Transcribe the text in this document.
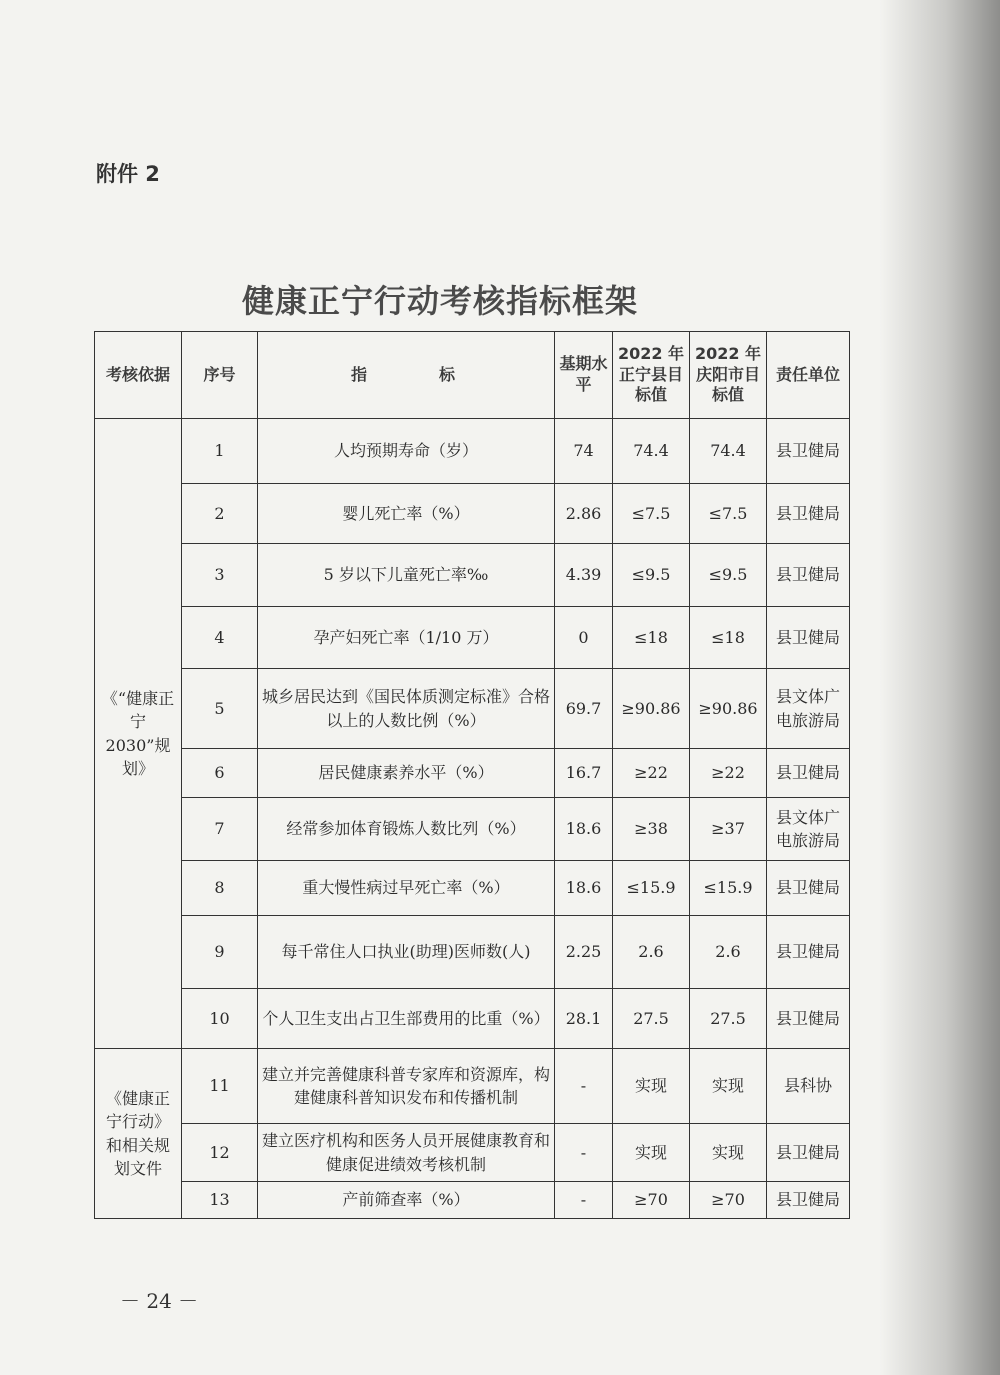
附件 2
健康正宁行动考核指标框架
考核依据	序号	指　　　标	基期水平	2022 年正宁县目标值	2022 年庆阳市目标值	责任单位
《“健康正宁 2030”规划》	1	人均预期寿命（岁）	74	74.4	74.4	县卫健局
	2	婴儿死亡率（%）	2.86	≤7.5	≤7.5	县卫健局
	3	5 岁以下儿童死亡率‰	4.39	≤9.5	≤9.5	县卫健局
	4	孕产妇死亡率（1/10 万）	0	≤18	≤18	县卫健局
	5	城乡居民达到《国民体质测定标准》合格以上的人数比例（%）	69.7	≥90.86	≥90.86	县文体广电旅游局
	6	居民健康素养水平（%）	16.7	≥22	≥22	县卫健局
	7	经常参加体育锻炼人数比列（%）	18.6	≥38	≥37	县文体广电旅游局
	8	重大慢性病过早死亡率（%）	18.6	≤15.9	≤15.9	县卫健局
	9	每千常住人口执业(助理)医师数(人)	2.25	2.6	2.6	县卫健局
	10	个人卫生支出占卫生部费用的比重（%）	28.1	27.5	27.5	县卫健局
《健康正宁行动》和相关规划文件	11	建立并完善健康科普专家库和资源库，构建健康科普知识发布和传播机制	-	实现	实现	县科协
	12	建立医疗机构和医务人员开展健康教育和健康促进绩效考核机制	-	实现	实现	县卫健局
	13	产前筛查率（%）	-	≥70	≥70	县卫健局
－ 24 －
